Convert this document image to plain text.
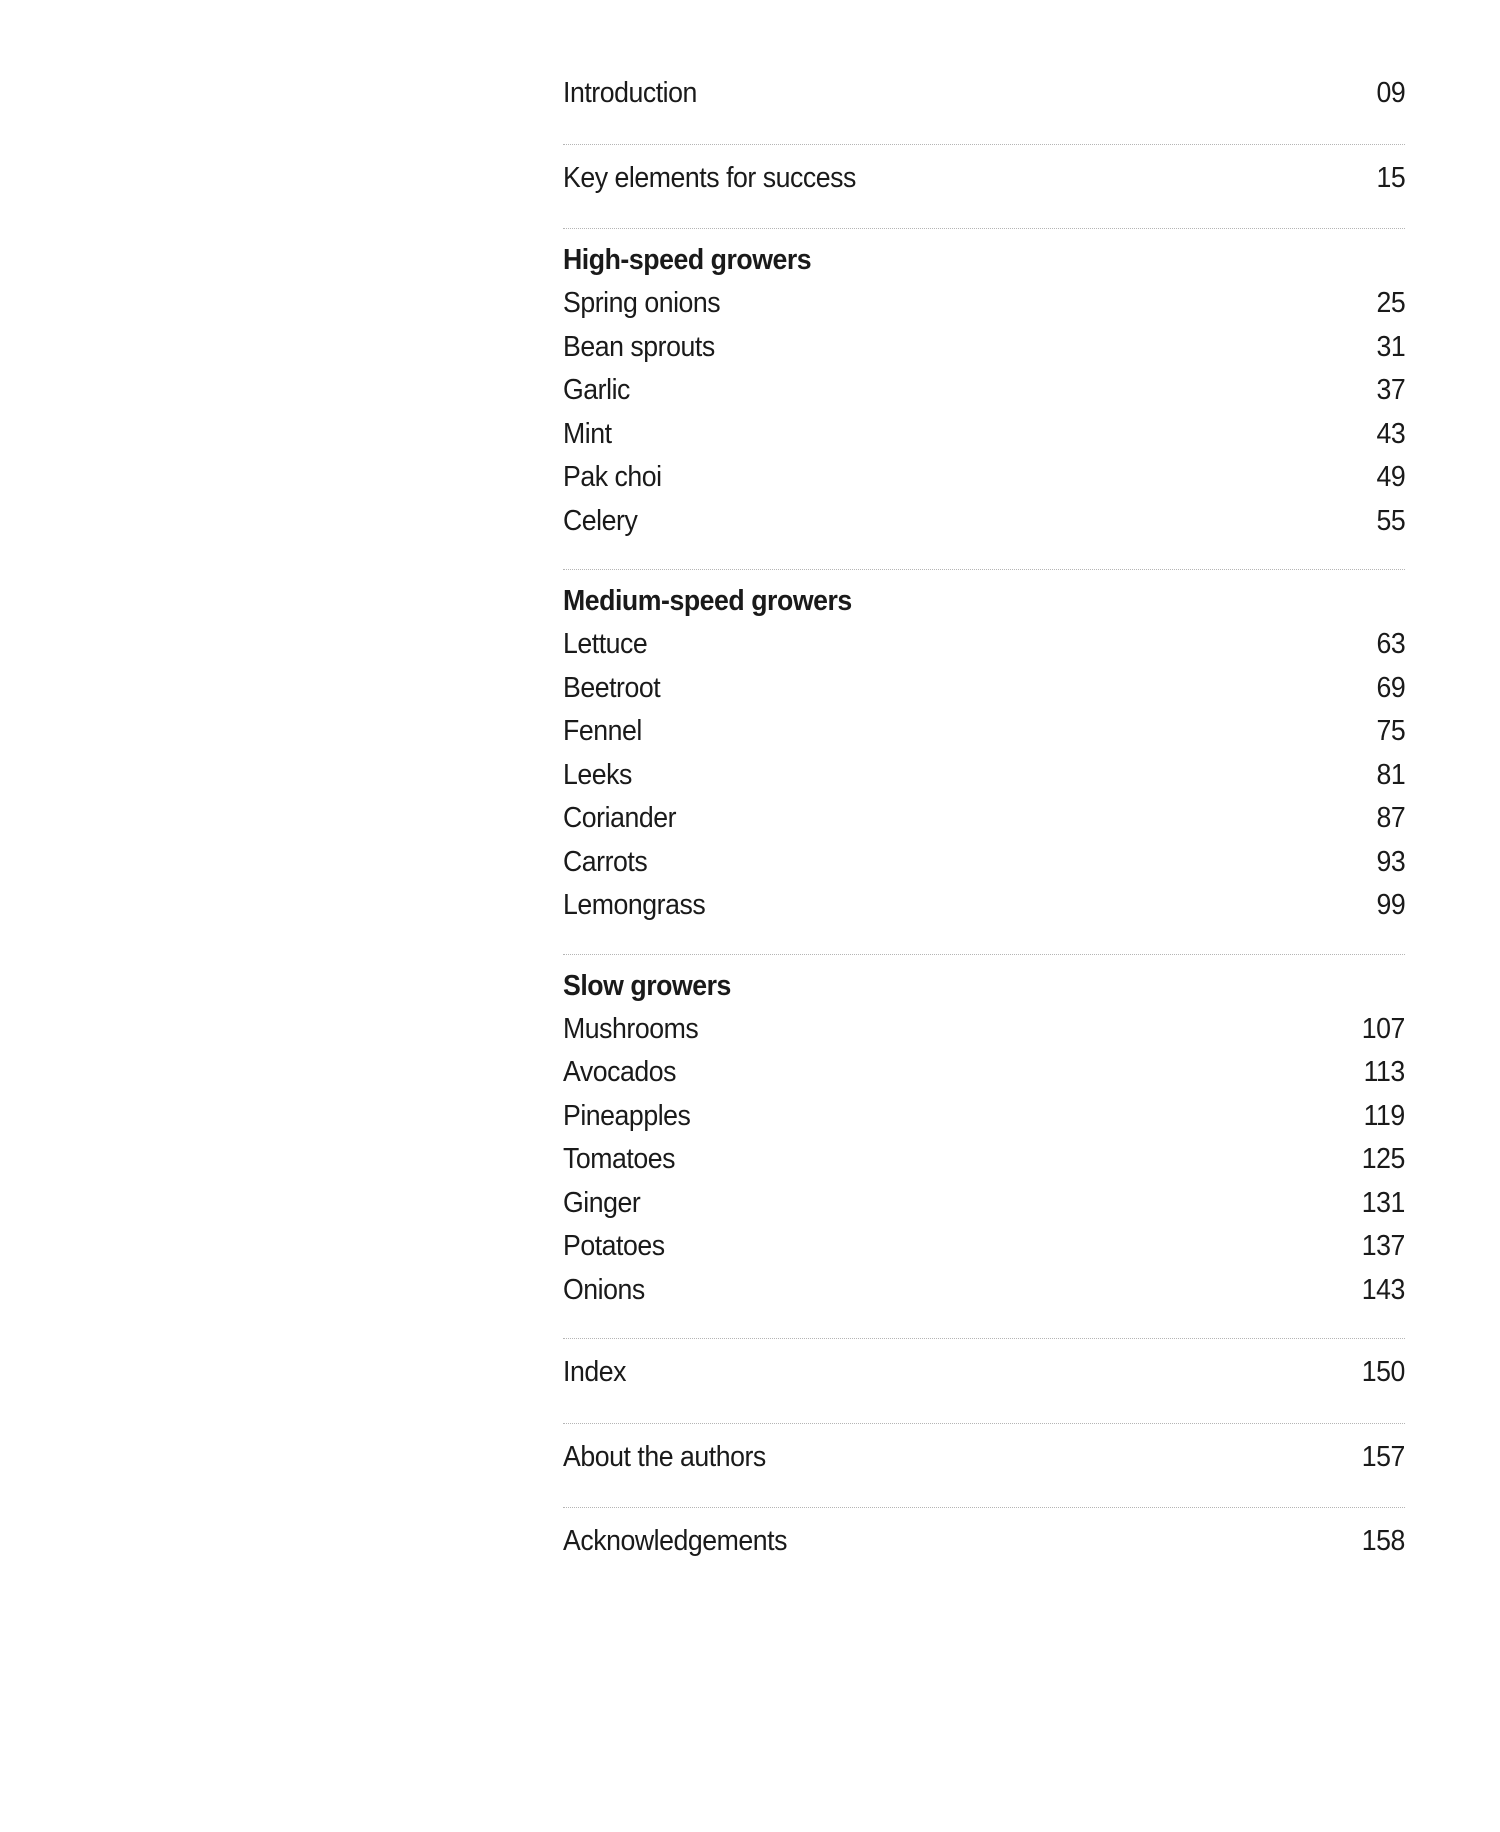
Introduction	09
Key elements for success	15
High-speed growers
Spring onions	25
Bean sprouts	31
Garlic	37
Mint	43
Pak choi	49
Celery	55
Medium-speed growers
Lettuce	63
Beetroot	69
Fennel	75
Leeks	81
Coriander	87
Carrots	93
Lemongrass	99
Slow growers
Mushrooms	107
Avocados	113
Pineapples	119
Tomatoes	125
Ginger	131
Potatoes	137
Onions	143
Index	150
About the authors	157
Acknowledgements	158
